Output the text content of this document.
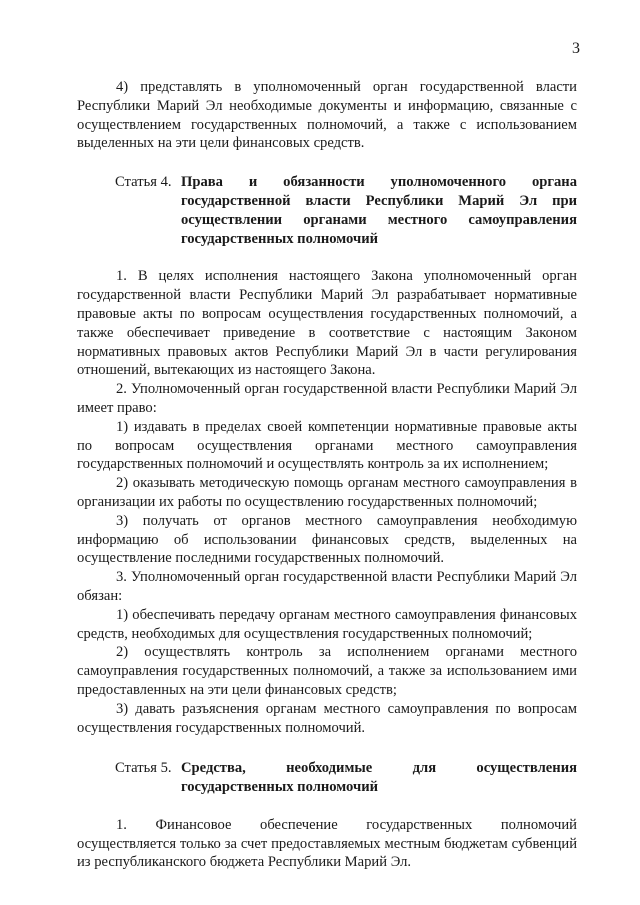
3

4) представлять в уполномоченный орган государственной власти Республики Марий Эл необходимые документы и информацию, связанные с осуществлением государственных полномочий, а также с использованием выделенных на эти цели финансовых средств.

Статья 4. Права и обязанности уполномоченного органа государственной власти Республики Марий Эл при осуществлении органами местного самоуправления государственных полномочий

1. В целях исполнения настоящего Закона уполномоченный орган государственной власти Республики Марий Эл разрабатывает нормативные правовые акты по вопросам осуществления государственных полномочий, а также обеспечивает приведение в соответствие с настоящим Законом нормативных правовых актов Республики Марий Эл в части регулирования отношений, вытекающих из настоящего Закона.

2. Уполномоченный орган государственной власти Республики Марий Эл имеет право:

1) издавать в пределах своей компетенции нормативные правовые акты по вопросам осуществления органами местного самоуправления государственных полномочий и осуществлять контроль за их исполнением;

2) оказывать методическую помощь органам местного самоуправления в организации их работы по осуществлению государственных полномочий;

3) получать от органов местного самоуправления необходимую информацию об использовании финансовых средств, выделенных на осуществление последними государственных полномочий.

3. Уполномоченный орган государственной власти Республики Марий Эл обязан:

1) обеспечивать передачу органам местного самоуправления финансовых средств, необходимых для осуществления государственных полномочий;

2) осуществлять контроль за исполнением органами местного самоуправления государственных полномочий, а также за использованием ими предоставленных на эти цели финансовых средств;

3) давать разъяснения органам местного самоуправления по вопросам осуществления государственных полномочий.

Статья 5. Средства, необходимые для осуществления государственных полномочий

1. Финансовое обеспечение государственных полномочий осуществляется только за счет предоставляемых местным бюджетам субвенций из республиканского бюджета Республики Марий Эл.
